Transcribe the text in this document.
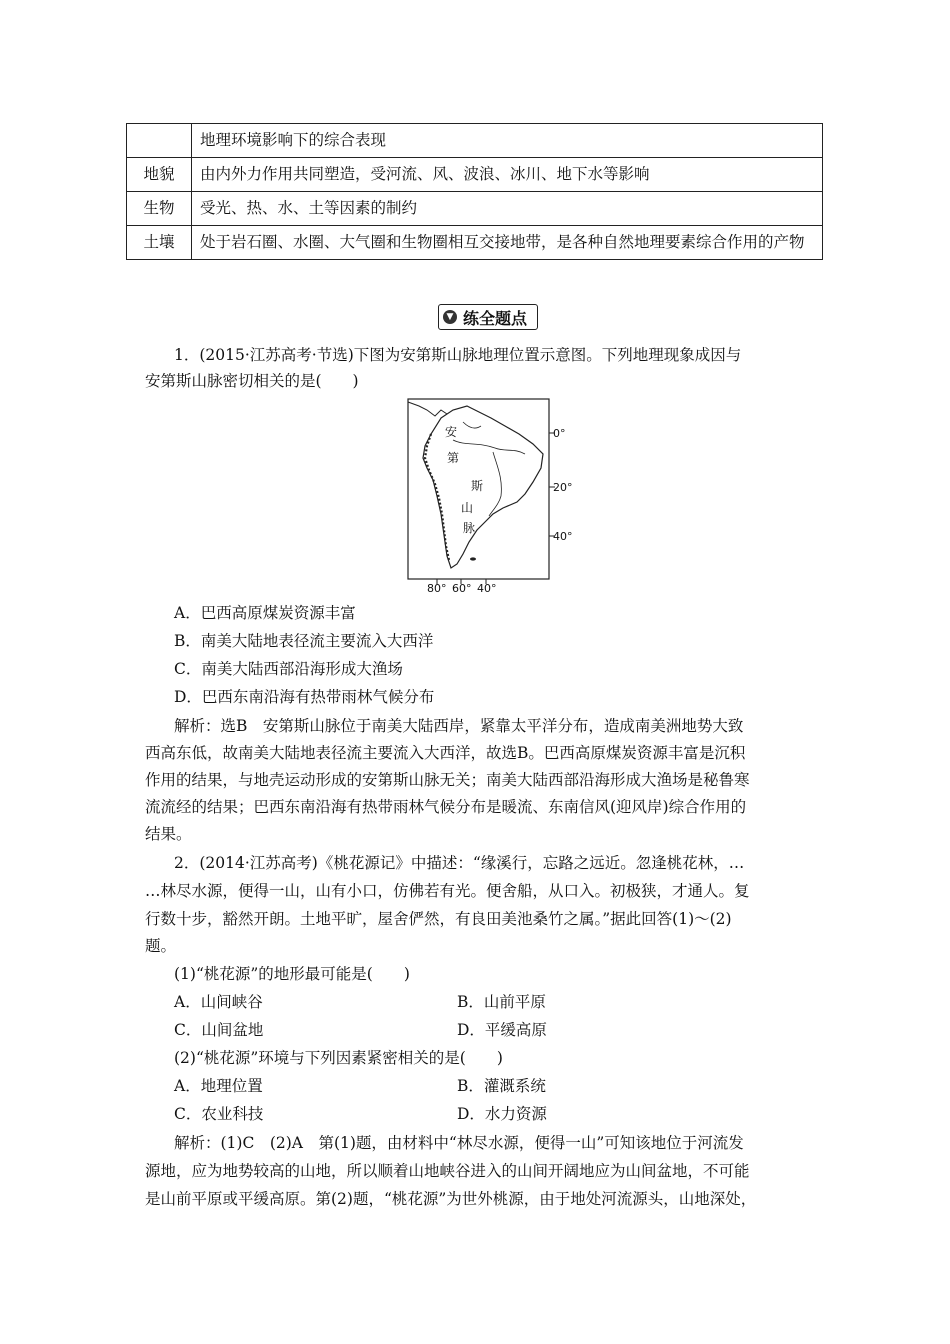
	地理环境影响下的综合表现
地貌	由内外力作用共同塑造，受河流、风、波浪、冰川、地下水等影响
生物	受光、热、水、土等因素的制约
土壤	处于岩石圈、水圈、大气圈和生物圈相互交接地带，是各种自然地理要素综合作用的产物
▼ 练全题点
1．(2015·江苏高考·节选)下图为安第斯山脉地理位置示意图。下列地理现象成因与
安第斯山脉密切相关的是(　　)
安
第
斯
山
脉
0°
20°
40°
80° 60° 40°
A．巴西高原煤炭资源丰富
B．南美大陆地表径流主要流入大西洋
C．南美大陆西部沿海形成大渔场
D．巴西东南沿海有热带雨林气候分布
解析：选B　安第斯山脉位于南美大陆西岸，紧靠太平洋分布，造成南美洲地势大致
西高东低，故南美大陆地表径流主要流入大西洋，故选B。巴西高原煤炭资源丰富是沉积
作用的结果，与地壳运动形成的安第斯山脉无关；南美大陆西部沿海形成大渔场是秘鲁寒
流流经的结果；巴西东南沿海有热带雨林气候分布是暖流、东南信风(迎风岸)综合作用的
结果。
2．(2014·江苏高考)《桃花源记》中描述：“缘溪行，忘路之远近。忽逢桃花林，…
…林尽水源，便得一山，山有小口，仿佛若有光。便舍船，从口入。初极狭，才通人。复
行数十步，豁然开朗。土地平旷，屋舍俨然，有良田美池桑竹之属。”据此回答(1)～(2)
题。
(1)“桃花源”的地形最可能是(　　)
A．山间峡谷	B．山前平原
C．山间盆地	D．平缓高原
(2)“桃花源”环境与下列因素紧密相关的是(　　)
A．地理位置	B．灌溉系统
C．农业科技	D．水力资源
解析：(1)C　(2)A　第(1)题，由材料中“林尽水源，便得一山”可知该地位于河流发
源地，应为地势较高的山地，所以顺着山地峡谷进入的山间开阔地应为山间盆地，不可能
是山前平原或平缓高原。第(2)题，“桃花源”为世外桃源，由于地处河流源头，山地深处，
